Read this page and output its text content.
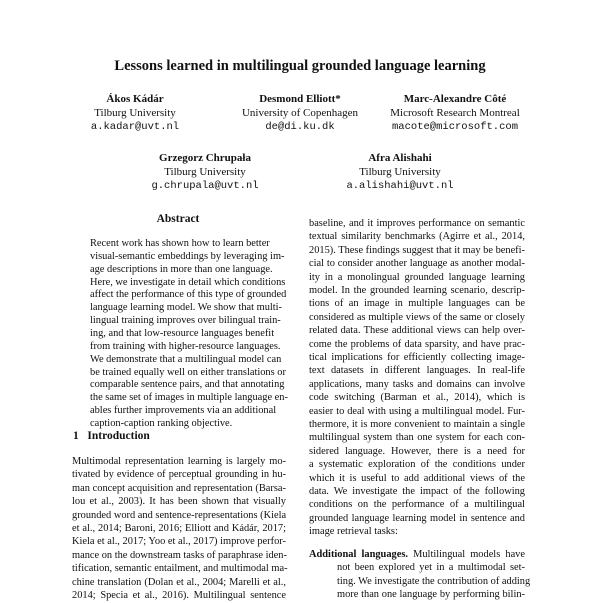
Lessons learned in multilingual grounded language learning
Ákos Kádár
Tilburg University
a.kadar@uvt.nl
Desmond Elliott*
University of Copenhagen
de@di.ku.dk
Marc-Alexandre Côté
Microsoft Research Montreal
macote@microsoft.com
Grzegorz Chrupała
Tilburg University
g.chrupala@uvt.nl
Afra Alishahi
Tilburg University
a.alishahi@uvt.nl
Abstract
Recent work has shown how to learn better
visual-semantic embeddings by leveraging im-
age descriptions in more than one language.
Here, we investigate in detail which conditions
affect the performance of this type of grounded
language learning model. We show that multi-
lingual training improves over bilingual train-
ing, and that low-resource languages benefit
from training with higher-resource languages.
We demonstrate that a multilingual model can
be trained equally well on either translations or
comparable sentence pairs, and that annotating
the same set of images in multiple language en-
ables further improvements via an additional
caption-caption ranking objective.
1   Introduction
Multimodal representation learning is largely mo-
tivated by evidence of perceptual grounding in hu-
man concept acquisition and representation (Barsa-
lou et al., 2003). It has been shown that visually
grounded word and sentence-representations (Kiela
et al., 2014; Baroni, 2016; Elliott and Kádár, 2017;
Kiela et al., 2017; Yoo et al., 2017) improve perfor-
mance on the downstream tasks of paraphrase iden-
tification, semantic entailment, and multimodal ma-
chine translation (Dolan et al., 2004; Marelli et al.,
2014; Specia et al., 2016). Multilingual sentence
baseline, and it improves performance on semantic
textual similarity benchmarks (Agirre et al., 2014,
2015). These findings suggest that it may be benefi-
cial to consider another language as another modal-
ity in a monolingual grounded language learning
model. In the grounded learning scenario, descrip-
tions of an image in multiple languages can be
considered as multiple views of the same or closely
related data. These additional views can help over-
come the problems of data sparsity, and have prac-
tical implications for efficiently collecting image-
text datasets in different languages. In real-life
applications, many tasks and domains can involve
code switching (Barman et al., 2014), which is
easier to deal with using a multilingual model. Fur-
thermore, it is more convenient to maintain a single
multilingual system than one system for each con-
sidered language. However, there is a need for
a systematic exploration of the conditions under
which it is useful to add additional views of the
data. We investigate the impact of the following
conditions on the performance of a multilingual
grounded language learning model in sentence and
image retrieval tasks:
Additional languages. Multilingual models have
not been explored yet in a multimodal set-
ting. We investigate the contribution of adding
more than one language by performing bilin-
